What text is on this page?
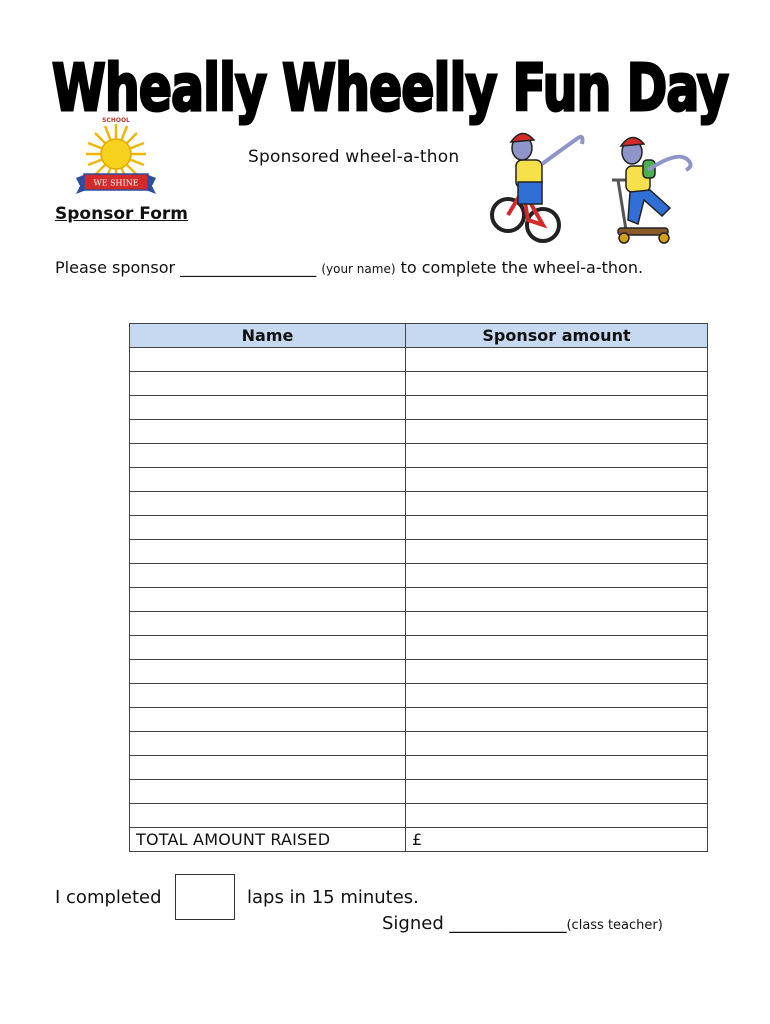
Wheally Wheelly Fun Day
SCHOOL
WE SHINE
Sponsored wheel-a-thon
Sponsor Form
Please sponsor _________________ (your name) to complete the wheel-a-thon.
Name	Sponsor amount

TOTAL AMOUNT RAISED	£
I completed	laps in 15 minutes.
Signed _____________(class teacher)
